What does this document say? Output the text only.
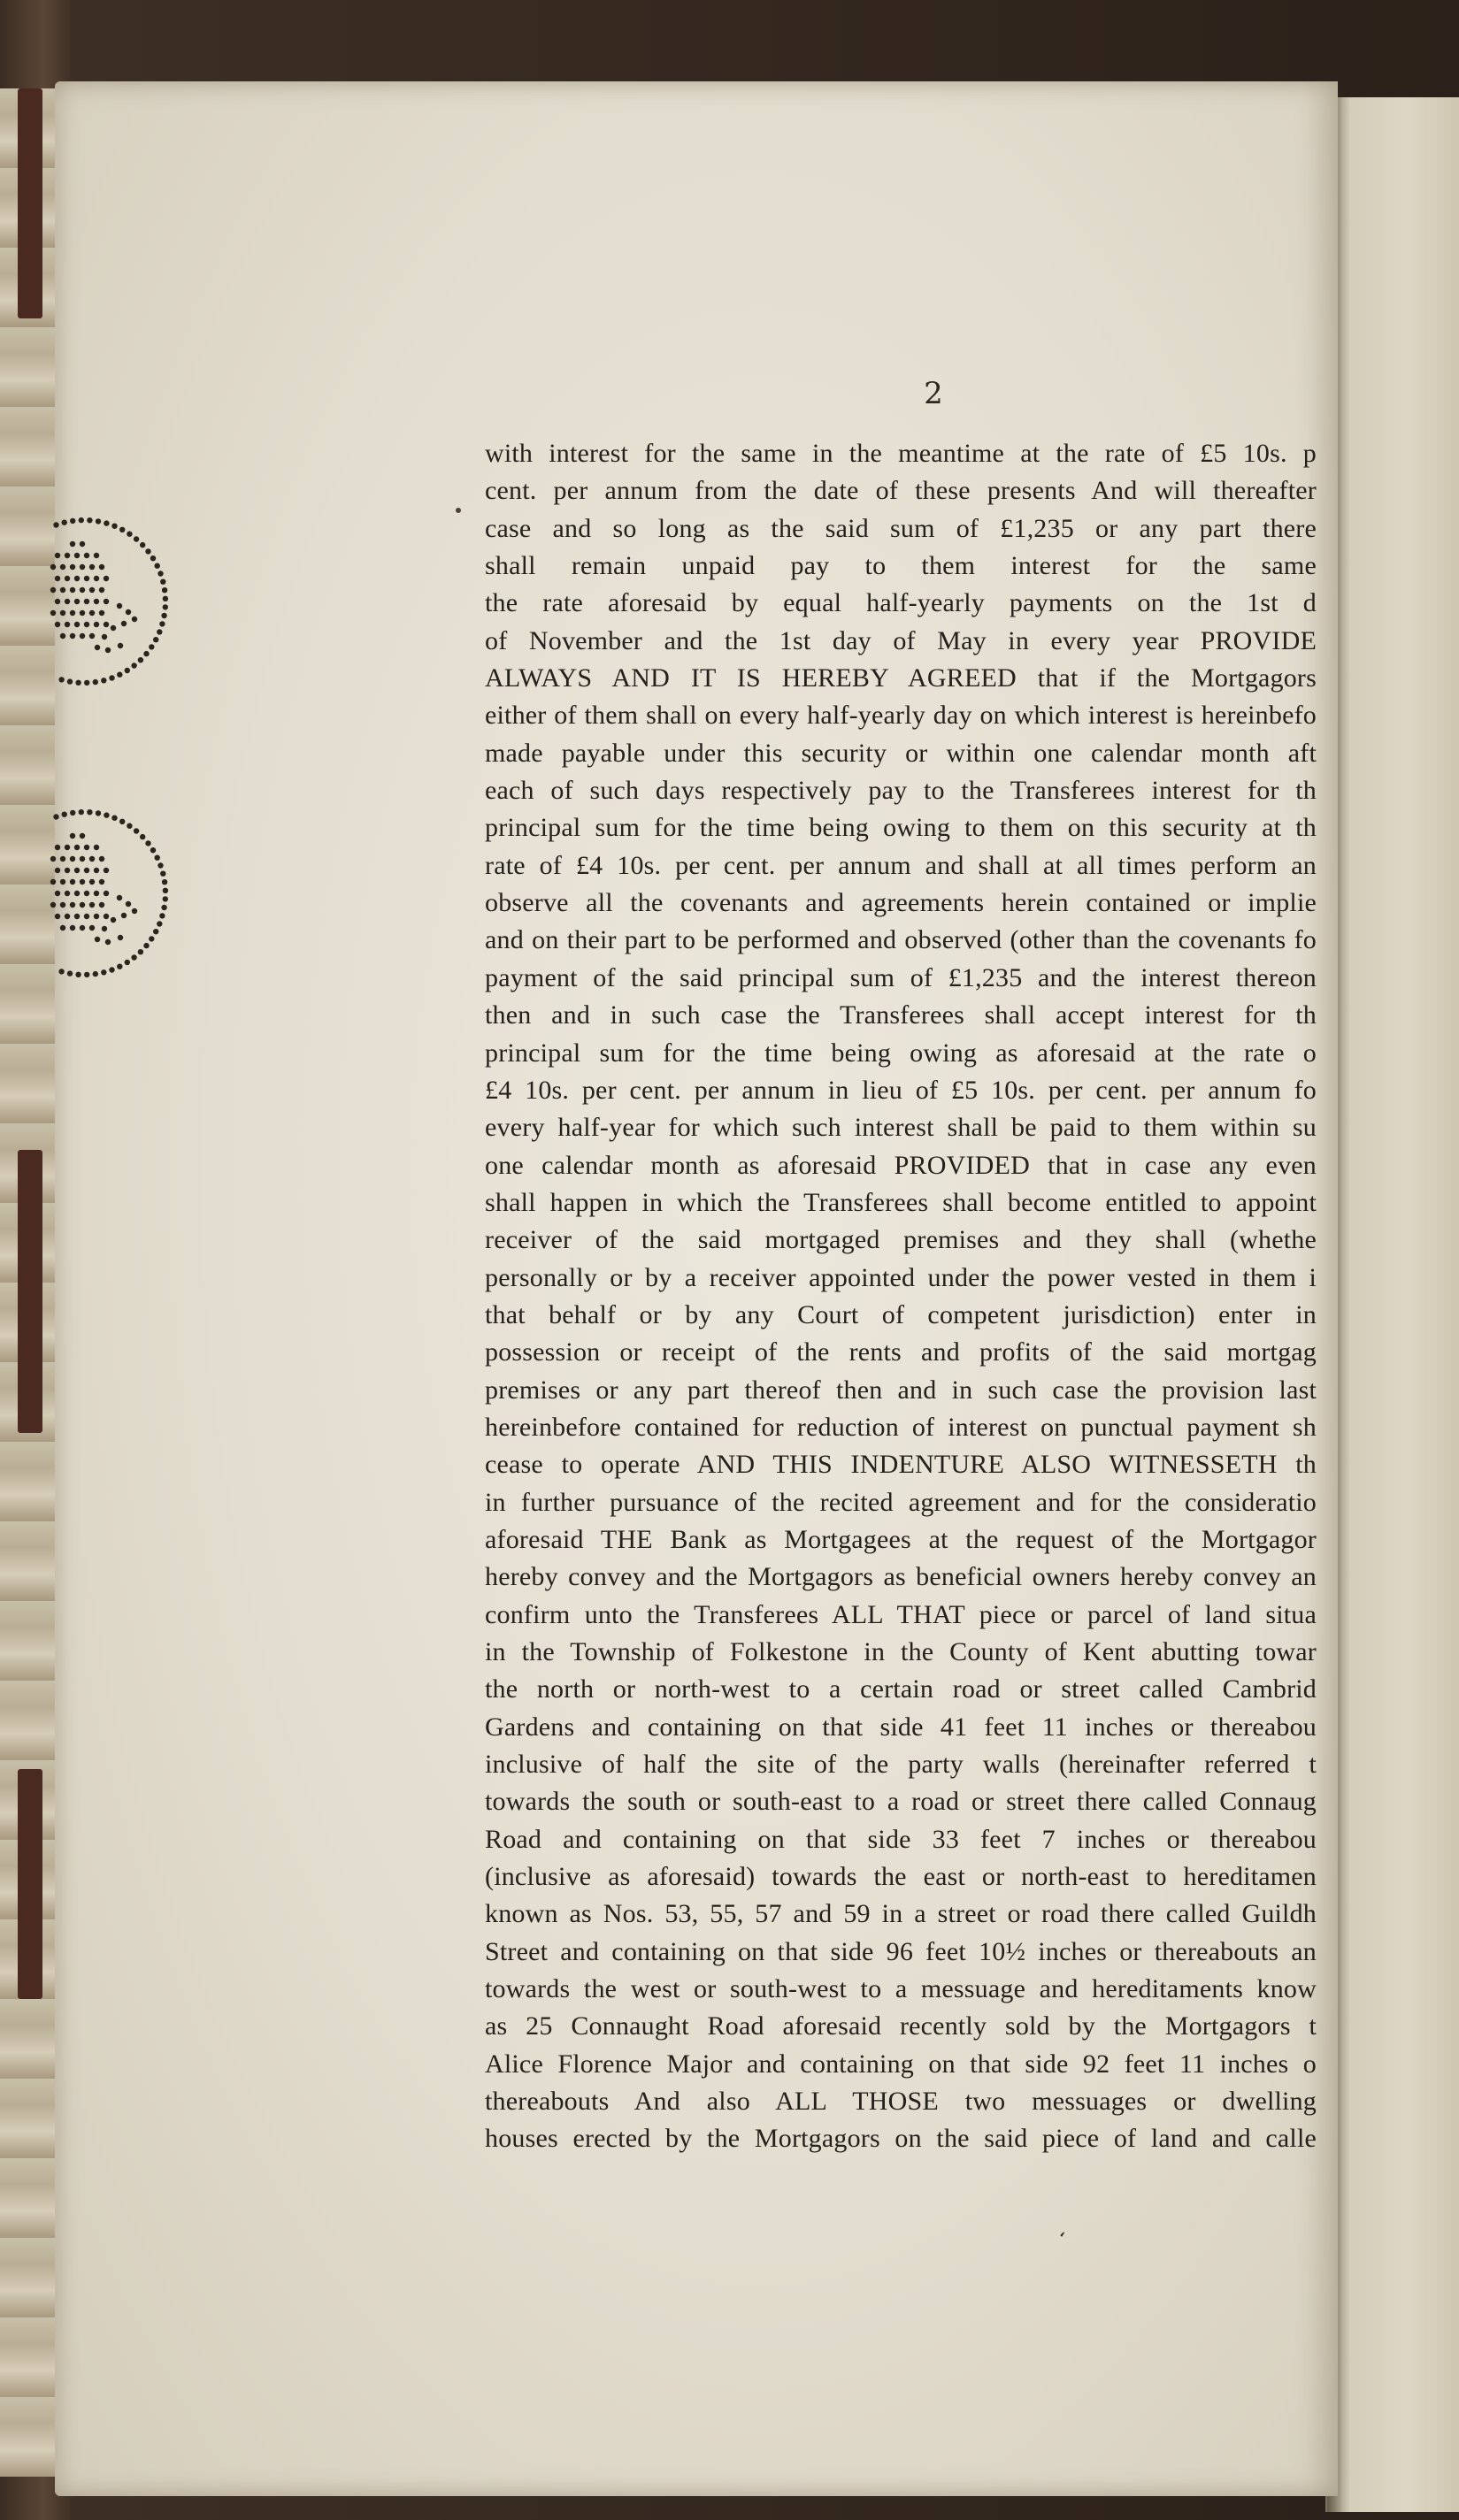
2
with interest for the same in the meantime at the rate of £5 10s. p
cent. per annum from the date of these presents And will thereafter
case and so long as the said sum of £1,235 or any part there
shall remain unpaid pay to them interest for the same
the rate aforesaid by equal half-yearly payments on the 1st d
of November and the 1st day of May in every year PROVIDE
ALWAYS AND IT IS HEREBY AGREED that if the Mortgagors
either of them shall on every half-yearly day on which interest is hereinbefo
made payable under this security or within one calendar month aft
each of such days respectively pay to the Transferees interest for th
principal sum for the time being owing to them on this security at th
rate of £4 10s. per cent. per annum and shall at all times perform an
observe all the covenants and agreements herein contained or implie
and on their part to be performed and observed (other than the covenants fo
payment of the said principal sum of £1,235 and the interest thereon
then and in such case the Transferees shall accept interest for th
principal sum for the time being owing as aforesaid at the rate o
£4 10s. per cent. per annum in lieu of £5 10s. per cent. per annum fo
every half-year for which such interest shall be paid to them within su
one calendar month as aforesaid PROVIDED that in case any even
shall happen in which the Transferees shall become entitled to appoint
receiver of the said mortgaged premises and they shall (whethe
personally or by a receiver appointed under the power vested in them i
that behalf or by any Court of competent jurisdiction) enter in
possession or receipt of the rents and profits of the said mortgag
premises or any part thereof then and in such case the provision last
hereinbefore contained for reduction of interest on punctual payment sh
cease to operate AND THIS INDENTURE ALSO WITNESSETH th
in further pursuance of the recited agreement and for the consideratio
aforesaid THE Bank as Mortgagees at the request of the Mortgagor
hereby convey and the Mortgagors as beneficial owners hereby convey an
confirm unto the Transferees ALL THAT piece or parcel of land situa
in the Township of Folkestone in the County of Kent abutting towar
the north or north-west to a certain road or street called Cambrid
Gardens and containing on that side 41 feet 11 inches or thereabou
inclusive of half the site of the party walls (hereinafter referred t
towards the south or south-east to a road or street there called Connaug
Road and containing on that side 33 feet 7 inches or thereabou
(inclusive as aforesaid) towards the east or north-east to hereditamen
known as Nos. 53, 55, 57 and 59 in a street or road there called Guildh
Street and containing on that side 96 feet 10½ inches or thereabouts an
towards the west or south-west to a messuage and hereditaments know
as 25 Connaught Road aforesaid recently sold by the Mortgagors t
Alice Florence Major and containing on that side 92 feet 11 inches o
thereabouts And also ALL THOSE two messuages or dwelling
houses erected by the Mortgagors on the said piece of land and calle
‘
